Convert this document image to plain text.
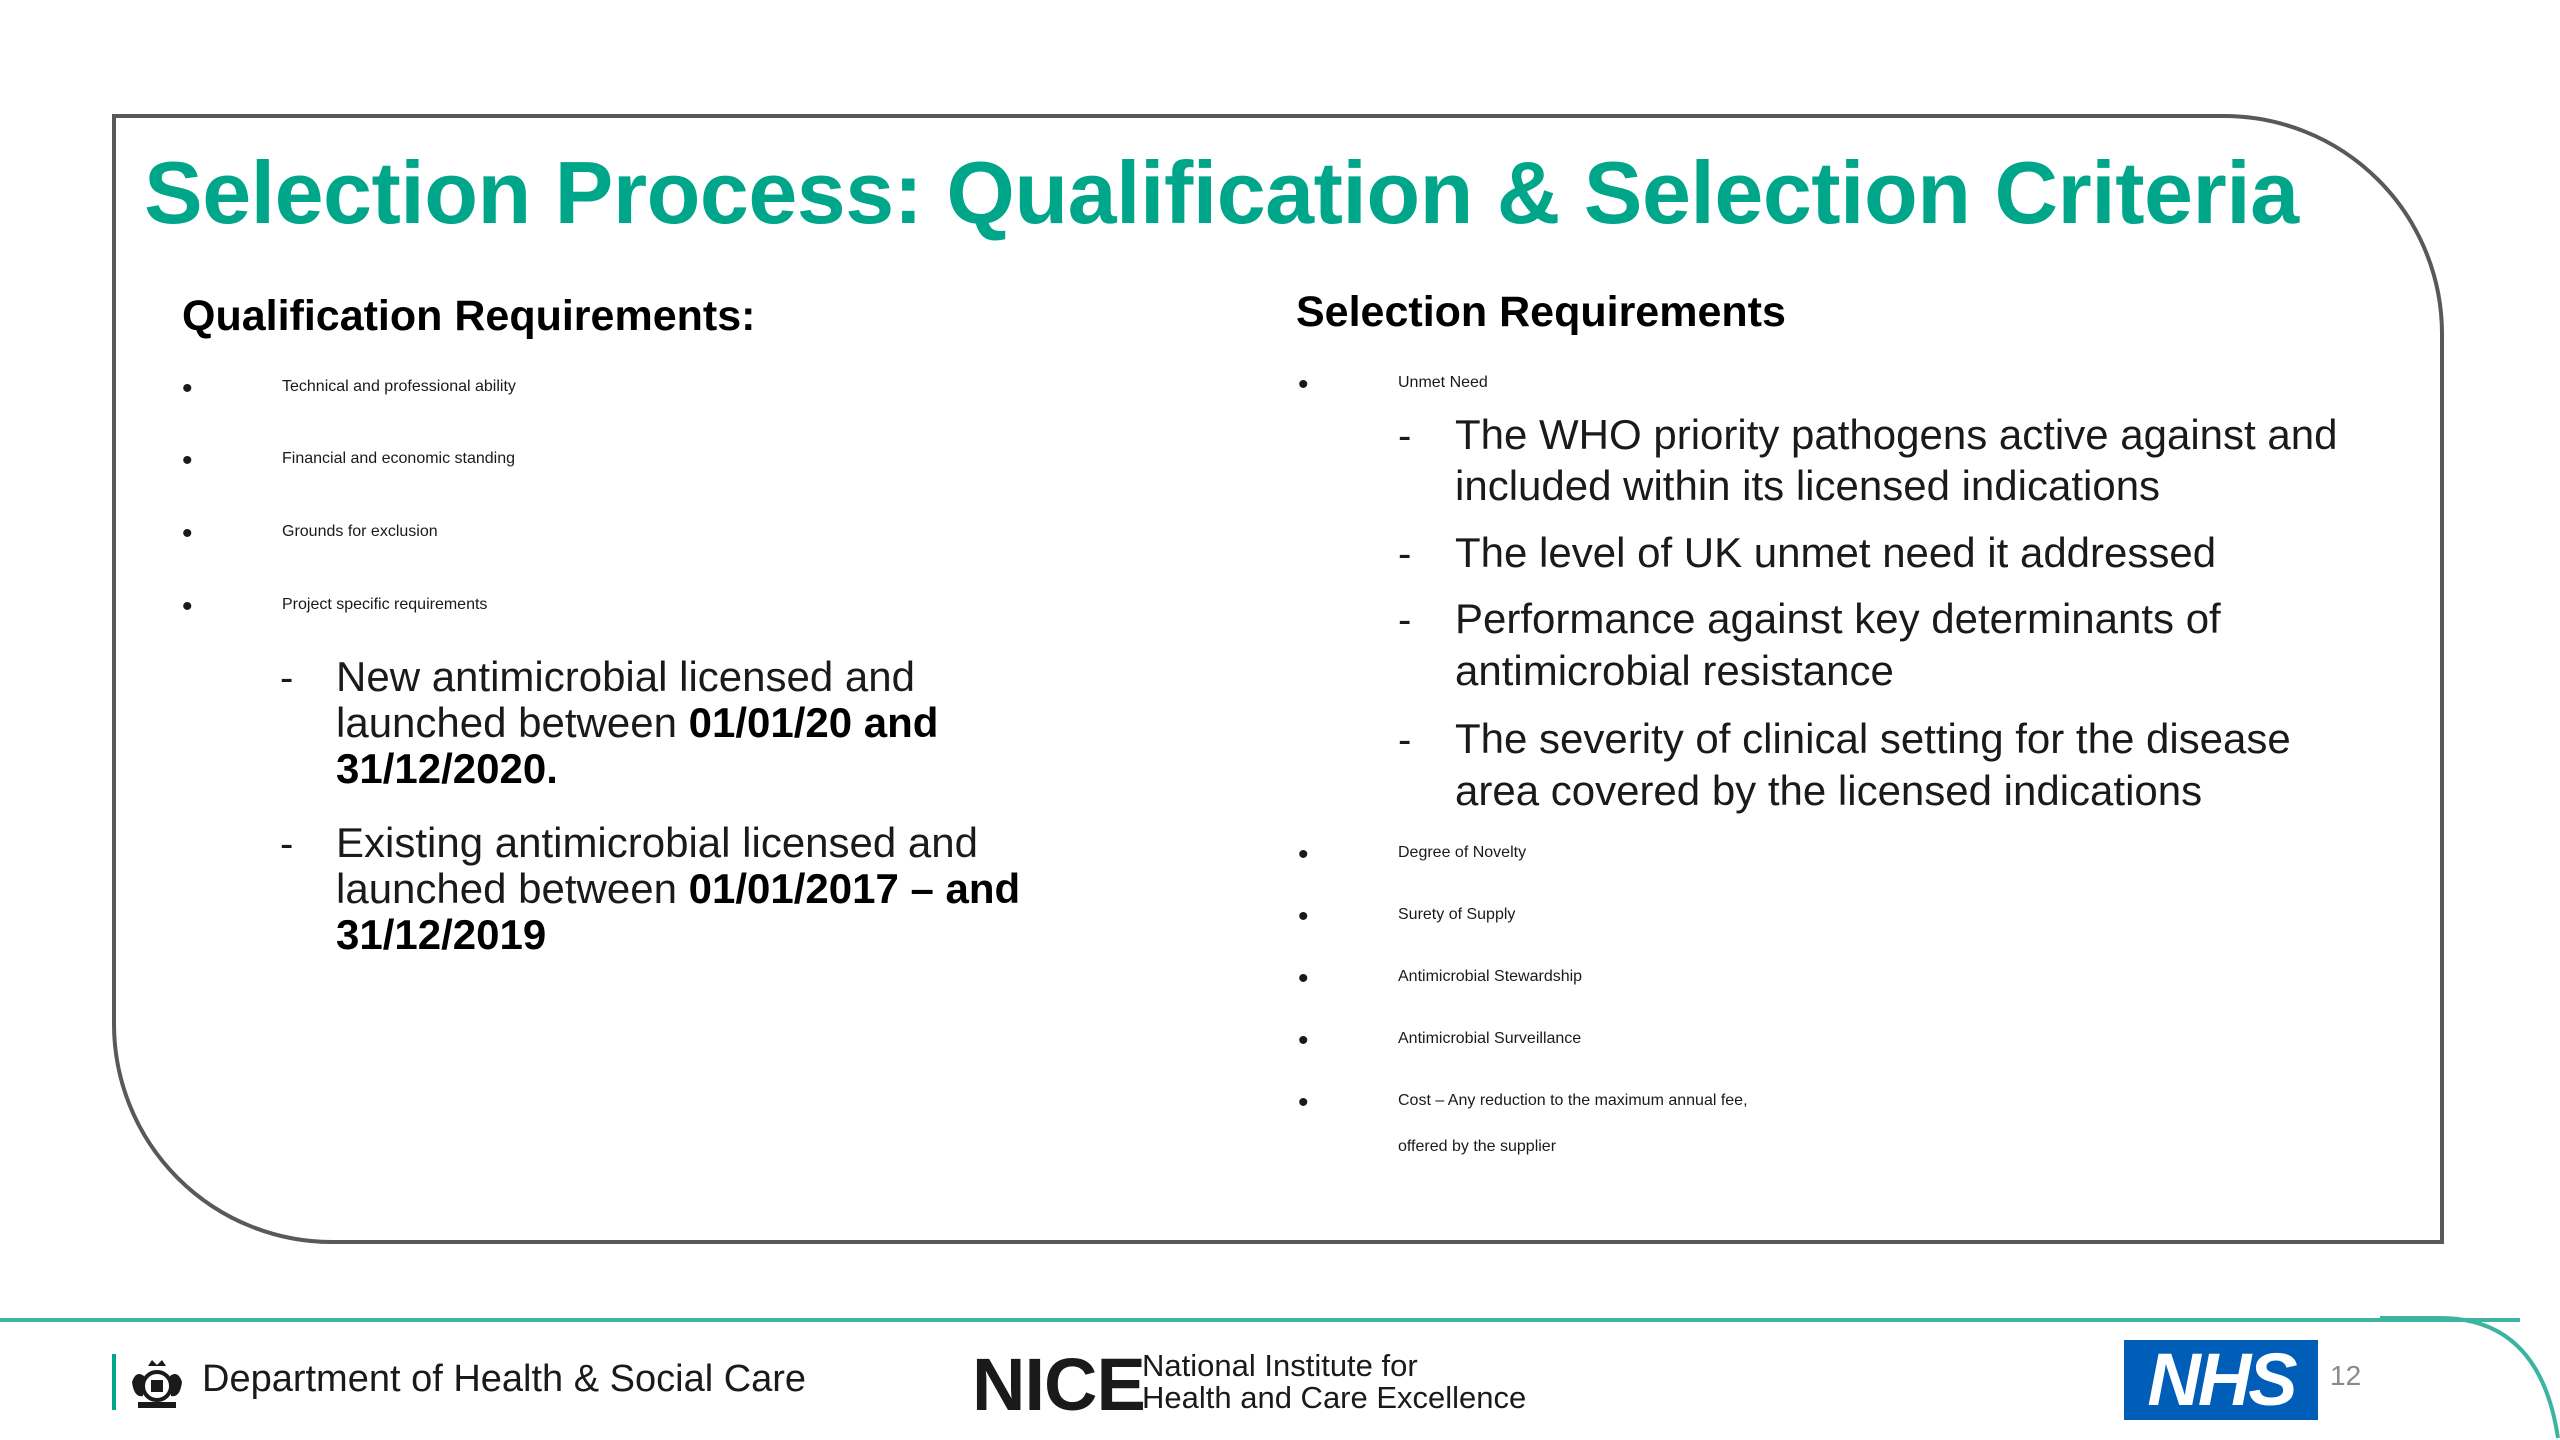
Selection Process: Qualification & Selection Criteria
Qualification Requirements:
•	Technical and professional ability
•	Financial and economic standing
•	Grounds for exclusion
•	Project specific requirements
- New antimicrobial licensed and
launched between 01/01/20 and
31/12/2020.
- Existing antimicrobial licensed and
launched between 01/01/2017 – and
31/12/2019
Selection Requirements
•	Unmet Need
- The WHO priority pathogens active against and
included within its licensed indications
- The level of UK unmet need it addressed
- Performance against key determinants of
antimicrobial resistance
- The severity of clinical setting for the disease
area covered by the licensed indications
•	Degree of Novelty
•	Surety of Supply
•	Antimicrobial Stewardship
•	Antimicrobial Surveillance
•	Cost – Any reduction to the maximum annual fee,
offered by the supplier
Department of Health & Social Care NICE
National Institute for
Health and Care Excellence	NHS 12
